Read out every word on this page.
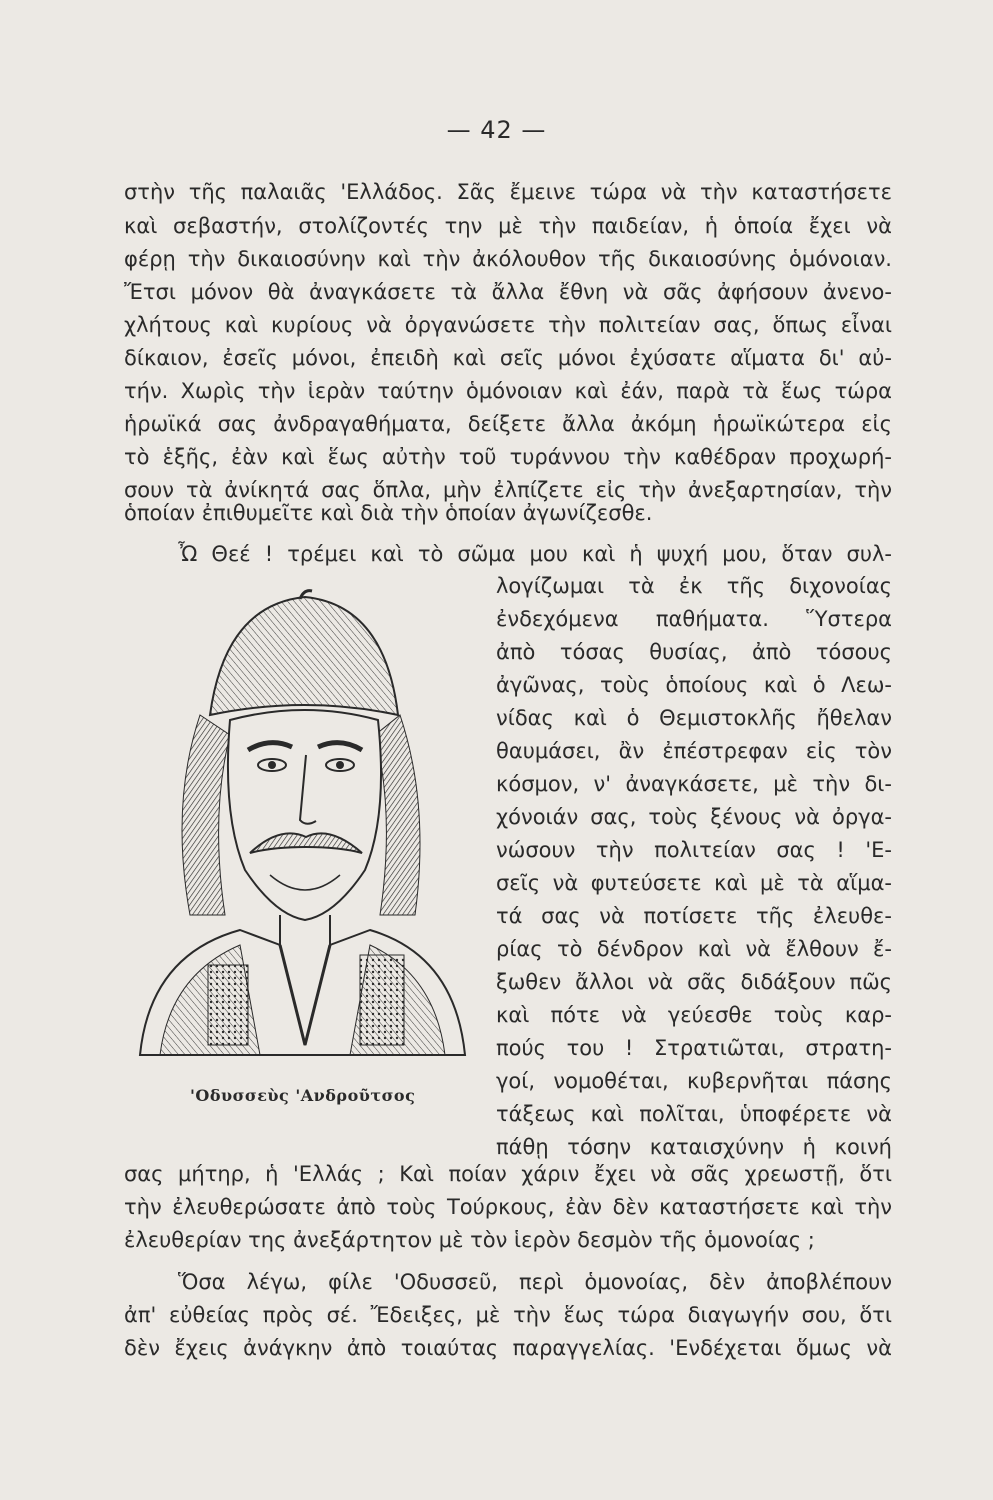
— 42 —
στὴν τῆς παλαιᾶς 'Ελλάδος. Σᾶς ἔμεινε τώρα νὰ τὴν καταστήσετε
καὶ σεβαστήν, στολίζοντές την μὲ τὴν παιδείαν, ἡ ὁποία ἔχει νὰ
φέρῃ τὴν δικαιοσύνην καὶ τὴν ἀκόλουθον τῆς δικαιοσύνης ὁμόνοιαν.
Ἔτσι μόνον θὰ ἀναγκάσετε τὰ ἄλλα ἔθνη νὰ σᾶς ἀφήσουν ἀνενο-
χλήτους καὶ κυρίους νὰ ὀργανώσετε τὴν πολιτείαν σας, ὅπως εἶναι
δίκαιον, ἐσεῖς μόνοι, ἐπειδὴ καὶ σεῖς μόνοι ἐχύσατε αἵματα δι' αὐ-
τήν. Χωρὶς τὴν ἱερὰν ταύτην ὁμόνοιαν καὶ ἐάν, παρὰ τὰ ἕως τώρα
ἡρωϊκά σας ἀνδραγαθήματα, δείξετε ἄλλα ἀκόμη ἡρωϊκώτερα εἰς
τὸ ἑξῆς, ἐὰν καὶ ἕως αὐτὴν τοῦ τυράννου τὴν καθέδραν προχωρή-
σουν τὰ ἀνίκητά σας ὅπλα, μὴν ἐλπίζετε εἰς τὴν ἀνεξαρτησίαν, τὴν
ὁποίαν ἐπιθυμεῖτε καὶ διὰ τὴν ὁποίαν ἀγωνίζεσθε.
Ὦ Θεέ ! τρέμει καὶ τὸ σῶμα μου καὶ ἡ ψυχή μου, ὅταν συλ-
λογίζωμαι τὰ ἐκ τῆς διχονοίας
ἐνδεχόμενα παθήματα. Ὕστερα
ἀπὸ τόσας θυσίας, ἀπὸ τόσους
ἀγῶνας, τοὺς ὁποίους καὶ ὁ Λεω-
νίδας καὶ ὁ Θεμιστοκλῆς ἤθελαν
θαυμάσει, ἂν ἐπέστρεφαν εἰς τὸν
κόσμον, ν' ἀναγκάσετε, μὲ τὴν δι-
χόνοιάν σας, τοὺς ξένους νὰ ὀργα-
νώσουν τὴν πολιτείαν σας ! 'Ε-
σεῖς νὰ φυτεύσετε καὶ μὲ τὰ αἵμα-
τά σας νὰ ποτίσετε τῆς ἐλευθε-
ρίας τὸ δένδρον καὶ νὰ ἔλθουν ἔ-
ξωθεν ἄλλοι νὰ σᾶς διδάξουν πῶς
καὶ πότε νὰ γεύεσθε τοὺς καρ-
πούς του ! Στρατιῶται, στρατη-
γοί, νομοθέται, κυβερνῆται πάσης
τάξεως καὶ πολῖται, ὑποφέρετε νὰ
πάθῃ τόσην καταισχύνην ἡ κοινή
'Οδυσσεὺς 'Ανδροῦτσος
σας μήτηρ, ἡ 'Ελλάς ; Καὶ ποίαν χάριν ἔχει νὰ σᾶς χρεωστῇ, ὅτι
τὴν ἐλευθερώσατε ἀπὸ τοὺς Τούρκους, ἐὰν δὲν καταστήσετε καὶ τὴν
ἐλευθερίαν της ἀνεξάρτητον μὲ τὸν ἱερὸν δεσμὸν τῆς ὁμονοίας ;
Ὅσα λέγω, φίλε 'Οδυσσεῦ, περὶ ὁμονοίας, δὲν ἀποβλέπουν
ἀπ' εὐθείας πρὸς σέ. Ἔδειξες, μὲ τὴν ἕως τώρα διαγωγήν σου, ὅτι
δὲν ἔχεις ἀνάγκην ἀπὸ τοιαύτας παραγγελίας. 'Ενδέχεται ὅμως νὰ
